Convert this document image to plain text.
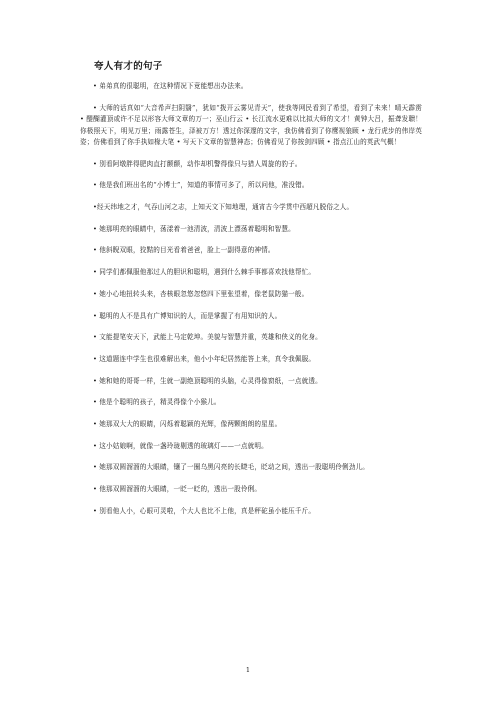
夸人有才的句子

• 弟弟真的很聪明，在这种情况下竟能想出办法来。

• 大师的话真如“大音希声扫阴翳”，犹如“拨开云雾见青天”，使我等网民看到了希望，看到了未来！晴天霹雳 • 醍醐灌顶或许不足以形容大师文章的万一；巫山行云 • 长江流水更难以比拟大师的文才！黄钟大吕，振聋发聩！你极照天下，明见万里；雨露苍生，泽被万方！透过你深邃的文字，我仿佛看到了你鹰视狼顾 • 龙行虎步的伟岸英姿；仿佛看到了你手执如椽大笔 • 写天下文章的智慧神态；仿佛看见了你按剑四顾 • 指点江山的英武气概！

• 别看阿墩胖得肥肉直打颤颤，动作却机警得像只与猎人周旋的豹子。

• 他是我们班出名的“小博士”，知道的事情可多了，所以问他，准没错。

•经天纬地之才，气吞山河之志，上知天文下知地理，通宵古今学贯中西超凡脱俗之人。

• 她那明亮的眼睛中，荡漾着一池清波，清波上漂荡着聪明和智慧。

• 他斜睨双眼，狡黠的目光看着爸爸，脸上一副得意的神情。

• 同学们都佩服他那过人的胆识和聪明，遇到什么棘手事都喜欢找他帮忙。

• 她小心地扭转头来，杏核眼忽悠忽悠四下里张望着，像老鼠防猫一般。

• 聪明的人不是具有广博知识的人，而是掌握了有用知识的人。

• 文能提笔安天下，武能上马定乾坤。美貌与智慧并重，英雄和侠义的化身。

• 这道题连中学生也很难解出来，他小小年纪居然能答上来，真令我佩服。

• 她和她的哥哥一样，生就一副绝顶聪明的头脑，心灵得像窗纸，一点就透。

• 他是个聪明的孩子，精灵得像个小猴儿。

• 她那双大大的眼睛，闪烁着聪颖的光辉，像两颗朗朗的星星。

• 这小姑娘啊，就像一盏玲珑剔透的玻璃灯——一点就明。

• 她那双圆溜溜的大眼睛，镶了一圈乌黑闪亮的长睫毛，眨动之间，透出一股聪明伶俐劲儿。

• 他那双圆溜溜的大眼睛，一眨一眨的，透出一股伶俐。

• 别看他人小，心眼可灵啦，个大人也比不上他，真是秤砣虽小能压千斤。

1
